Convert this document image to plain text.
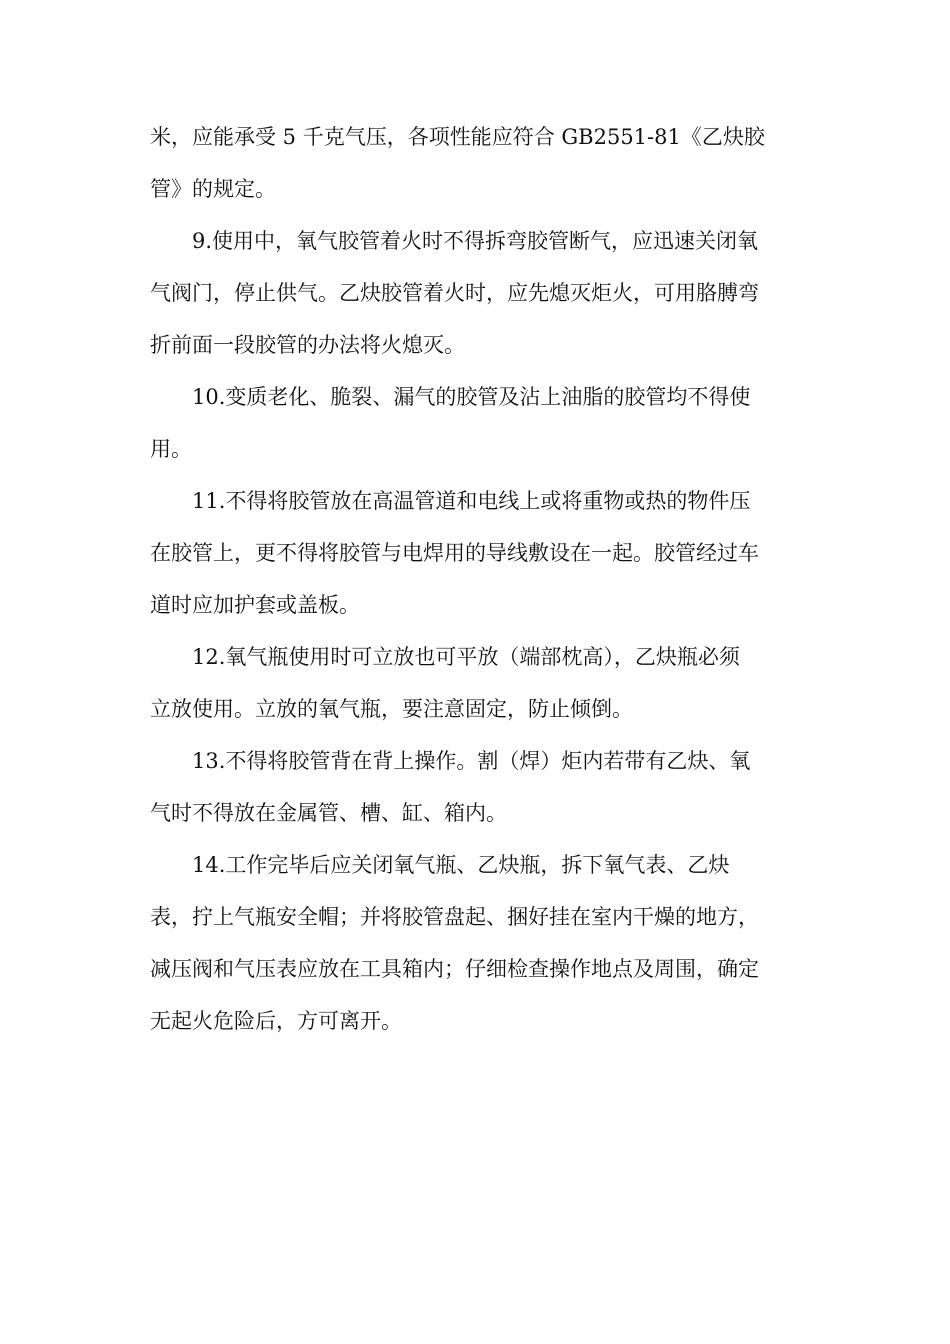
米，应能承受 5 千克气压，各项性能应符合 GB2551-81《乙炔胶
管》的规定。
9.使用中，氧气胶管着火时不得拆弯胶管断气，应迅速关闭氧
气阀门，停止供气。乙炔胶管着火时，应先熄灭炬火，可用胳膊弯
折前面一段胶管的办法将火熄灭。
10.变质老化、脆裂、漏气的胶管及沾上油脂的胶管均不得使
用。
11.不得将胶管放在高温管道和电线上或将重物或热的物件压
在胶管上，更不得将胶管与电焊用的导线敷设在一起。胶管经过车
道时应加护套或盖板。
12.氧气瓶使用时可立放也可平放（端部枕高），乙炔瓶必须
立放使用。立放的氧气瓶，要注意固定，防止倾倒。
13.不得将胶管背在背上操作。割（焊）炬内若带有乙炔、氧
气时不得放在金属管、槽、缸、箱内。
14.工作完毕后应关闭氧气瓶、乙炔瓶，拆下氧气表、乙炔
表，拧上气瓶安全帽；并将胶管盘起、捆好挂在室内干燥的地方，
减压阀和气压表应放在工具箱内；仔细检查操作地点及周围，确定
无起火危险后，方可离开。
